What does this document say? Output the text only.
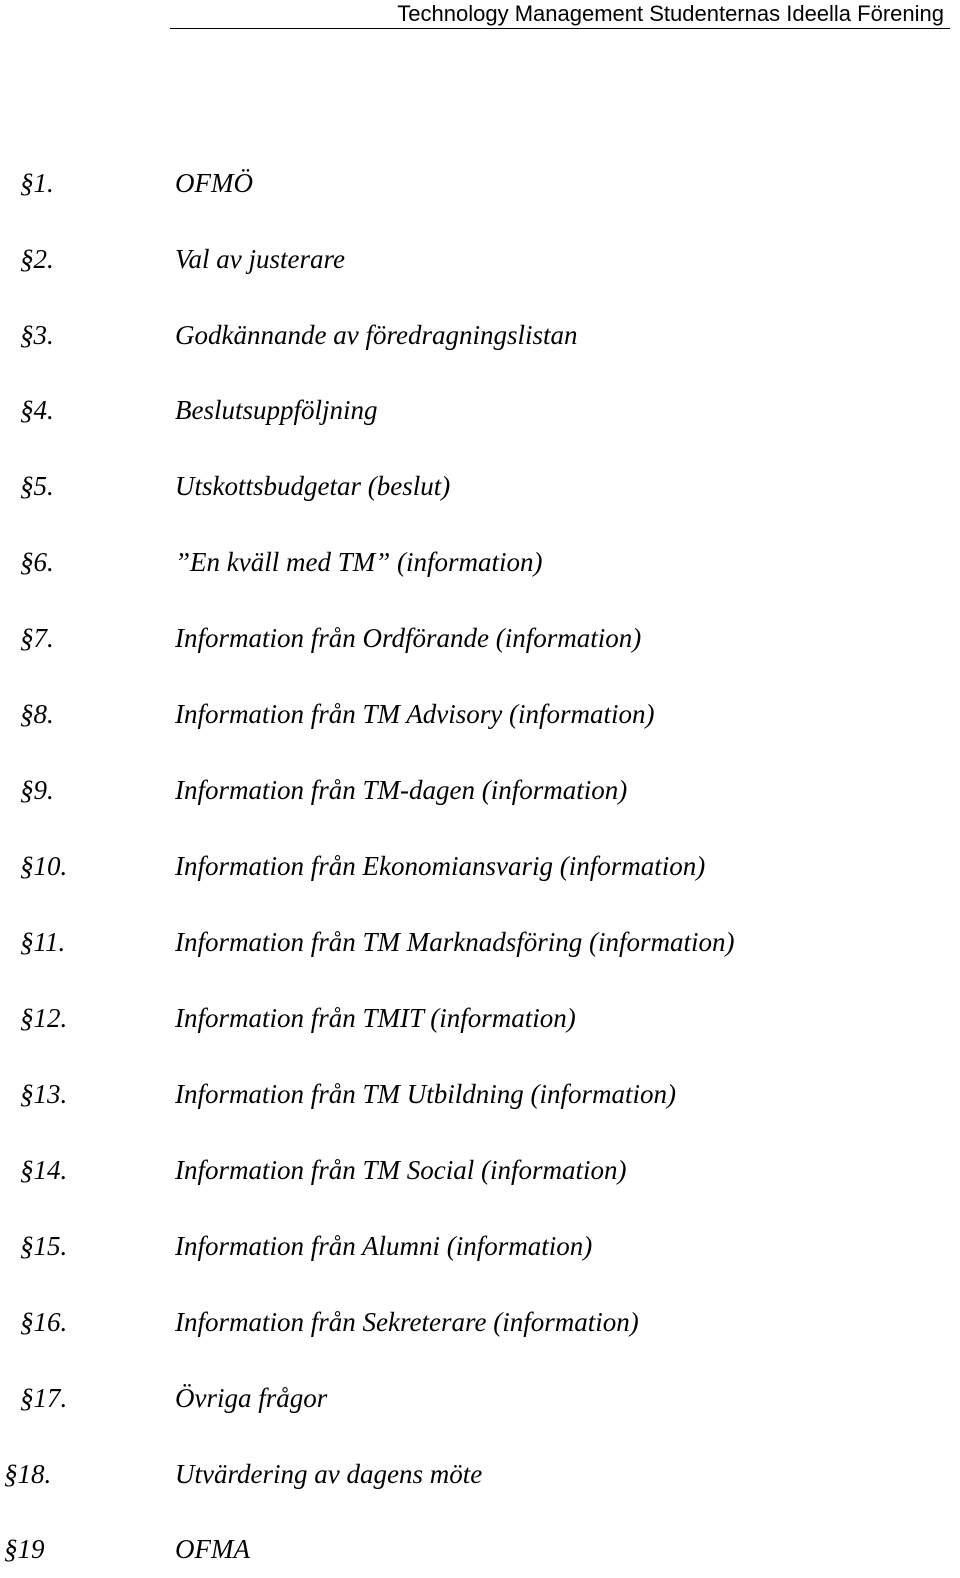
Technology Management Studenternas Ideella Förening
§1.	OFMÖ
§2.	Val av justerare
§3.	Godkännande av föredragningslistan
§4.	Beslutsuppföljning
§5.	Utskottsbudgetar (beslut)
§6.	”En kväll med TM” (information)
§7.	Information från Ordförande (information)
§8.	Information från TM Advisory (information)
§9.	Information från TM-dagen (information)
§10.	Information från Ekonomiansvarig (information)
§11.	Information från TM Marknadsföring (information)
§12.	Information från TMIT (information)
§13.	Information från TM Utbildning (information)
§14.	Information från TM Social (information)
§15.	Information från Alumni (information)
§16.	Information från Sekreterare (information)
§17.	Övriga frågor
§18.	Utvärdering av dagens möte
§19	OFMA
